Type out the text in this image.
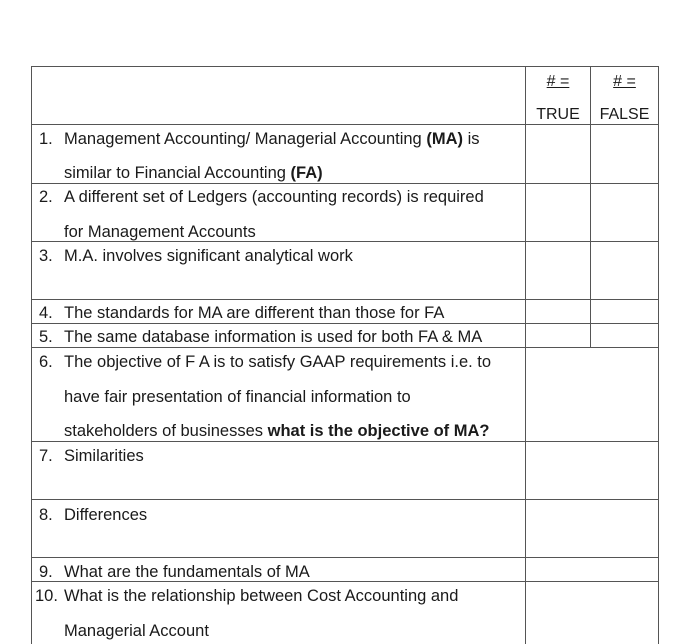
# =
TRUE
# =
FALSE
1. Management Accounting/ Managerial Accounting (MA) is
similar to Financial Accounting (FA)
2. A different set of Ledgers (accounting records) is required
for Management Accounts
3. M.A. involves significant analytical work
4. The standards for MA are different than those for FA
5. The same database information is used for both FA & MA
6. The objective of F A is to satisfy GAAP requirements i.e. to
have fair presentation of financial information to
stakeholders of businesses what is the objective of MA?
7. Similarities
8. Differences
9. What are the fundamentals of MA
10. What is the relationship between Cost Accounting and
Managerial Account
